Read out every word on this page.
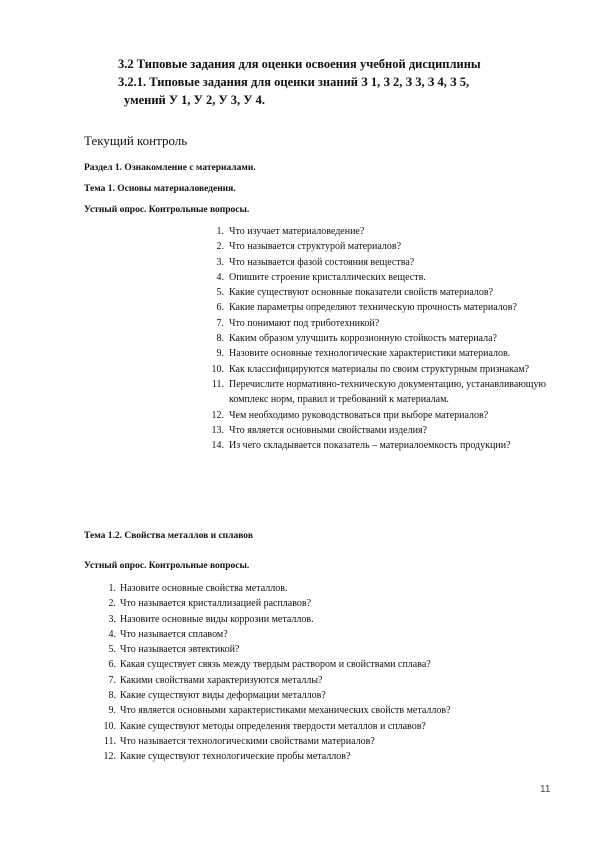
3.2 Типовые задания для оценки освоения учебной дисциплины

3.2.1. Типовые задания для оценки знаний З 1, З 2, З 3, З 4, З 5,

умений У 1, У 2, У 3, У 4.

Текущий контроль

Раздел 1. Ознакомление с материалами.

Тема 1. Основы материаловедения.

Устный опрос. Контрольные вопросы.

1. Что изучает материаловедение?
2. Что называется структурой материалов?
3. Что называется фазой состояния вещества?
4. Опишите строение кристаллических веществ.
5. Какие существуют основные показатели свойств материалов?
6. Какие параметры определяют техническую прочность материалов?
7. Что понимают под триботехникой?
8. Каким образом улучшить коррозионную стойкость материала?
9. Назовите основные технологические характеристики материалов.
10. Как классифицируются материалы по своим структурным признакам?
11. Перечислите нормативно-техническую документацию, устанавливающую комплекс норм, правил и требований к материалам.
12. Чем необходимо руководствоваться при выборе материалов?
13. Что является основными свойствами изделия?
14. Из чего складывается показатель – материалоемкость продукции?

Тема 1.2. Свойства металлов и сплавов

Устный опрос. Контрольные вопросы.

1. Назовите основные свойства металлов.
2. Что называется кристаллизацией расплавов?
3. Назовите основные виды коррозии металлов.
4. Что называется сплавом?
5. Что называется эвтектикой?
6. Какая существует связь между твердым раствором и свойствами сплава?
7. Какими свойствами характеризуются металлы?
8. Какие существуют виды деформации металлов?
9. Что является основными характеристиками механических свойств металлов?
10. Какие существуют методы определения твердости металлов и сплавов?
11. Что называется технологическими свойствами материалов?
12. Какие существуют технологические пробы металлов?
11
